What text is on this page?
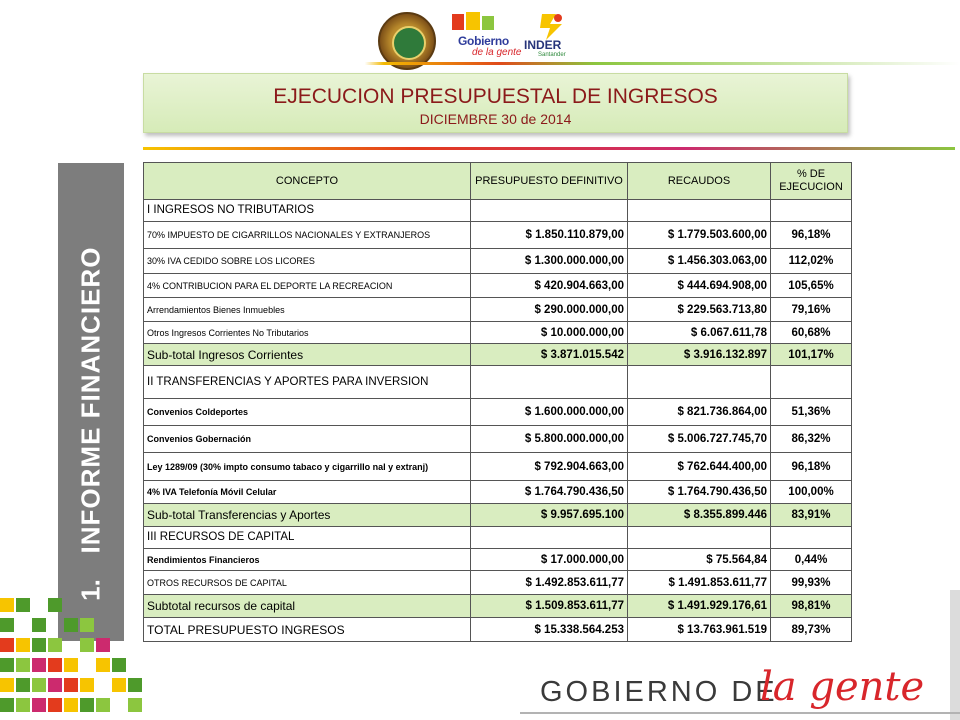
Gobierno
de la gente
INDER
Santander
EJECUCION PRESUPUESTAL DE INGRESOS
DICIEMBRE 30 de 2014
INFORME FINANCIERO
1.
CONCEPTO	PRESUPUESTO DEFINITIVO	RECAUDOS	% DE EJECUCION
I INGRESOS NO TRIBUTARIOS			
70% IMPUESTO DE CIGARRILLOS NACIONALES Y EXTRANJEROS	$ 1.850.110.879,00	$ 1.779.503.600,00	96,18%
30% IVA CEDIDO SOBRE LOS LICORES	$ 1.300.000.000,00	$ 1.456.303.063,00	112,02%
4% CONTRIBUCION PARA EL DEPORTE LA RECREACION	$ 420.904.663,00	$ 444.694.908,00	105,65%
Arrendamientos Bienes Inmuebles	$ 290.000.000,00	$ 229.563.713,80	79,16%
Otros Ingresos Corrientes No Tributarios	$ 10.000.000,00	$ 6.067.611,78	60,68%
Sub-total Ingresos Corrientes	$ 3.871.015.542	$ 3.916.132.897	101,17%
II TRANSFERENCIAS Y APORTES PARA INVERSION			
Convenios Coldeportes	$ 1.600.000.000,00	$ 821.736.864,00	51,36%
Convenios Gobernación	$ 5.800.000.000,00	$ 5.006.727.745,70	86,32%
Ley 1289/09 (30% impto consumo tabaco y cigarrillo nal y extranj)	$ 792.904.663,00	$ 762.644.400,00	96,18%
4% IVA Telefonía Móvil Celular	$ 1.764.790.436,50	$ 1.764.790.436,50	100,00%
Sub-total Transferencias y Aportes	$ 9.957.695.100	$ 8.355.899.446	83,91%
III RECURSOS DE CAPITAL			
Rendimientos Financieros	$ 17.000.000,00	$ 75.564,84	0,44%
OTROS RECURSOS DE CAPITAL	$ 1.492.853.611,77	$ 1.491.853.611,77	99,93%
Subtotal recursos de capital	$ 1.509.853.611,77	$ 1.491.929.176,61	98,81%
TOTAL PRESUPUESTO INGRESOS	$ 15.338.564.253	$ 13.763.961.519	89,73%
GOBIERNO DE
la gente
